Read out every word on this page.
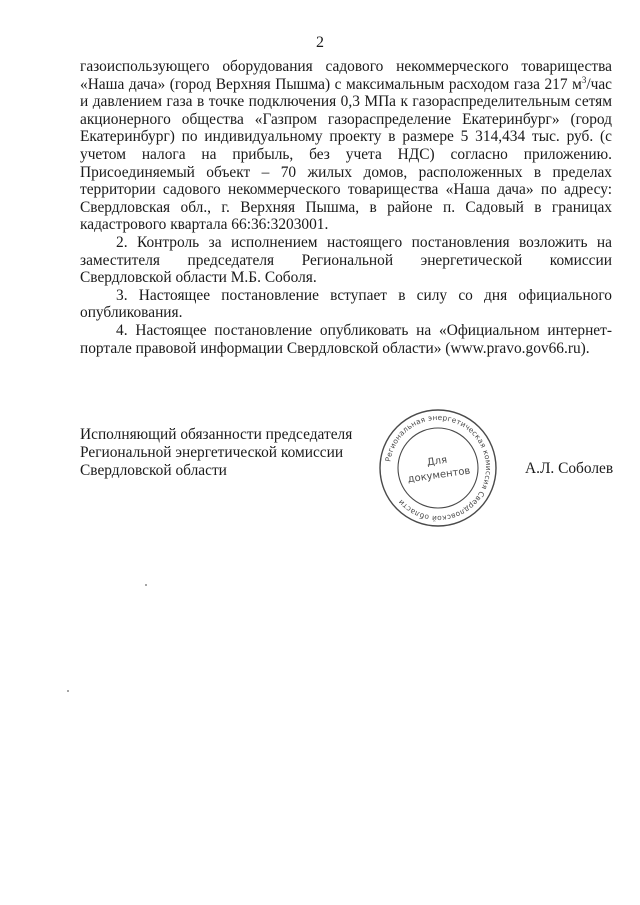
2

газоиспользующего оборудования садового некоммерческого товарищества «Наша дача» (город Верхняя Пышма) с максимальным расходом газа 217 $м^3$/час и давлением газа в точке подключения 0,3 МПа к газораспределительным сетям акционерного общества «Газпром газораспределение Екатеринбург» (город Екатеринбург) по индивидуальному проекту в размере 5 314,434 тыс. руб. (с учетом налога на прибыль, без учета НДС) согласно приложению. Присоединяемый объект – 70 жилых домов, расположенных в пределах территории садового некоммерческого товарищества «Наша дача» по адресу: Свердловская обл., г. Верхняя Пышма, в районе п. Садовый в границах кадастрового квартала 66:36:3203001.

2. Контроль за исполнением настоящего постановления возложить на заместителя председателя Региональной энергетической комиссии Свердловской области М.Б. Соболя.

3. Настоящее постановление вступает в силу со дня официального опубликования.

4. Настоящее постановление опубликовать на «Официальном интернет-портале правовой информации Свердловской области» (www.pravo.gov66.ru).

Исполняющий обязанности председателя
Региональной энергетической комиссии
Свердловской области
Региональная энергетическая комиссия Свердловской области
Для
документов	А.Л. Соболев
